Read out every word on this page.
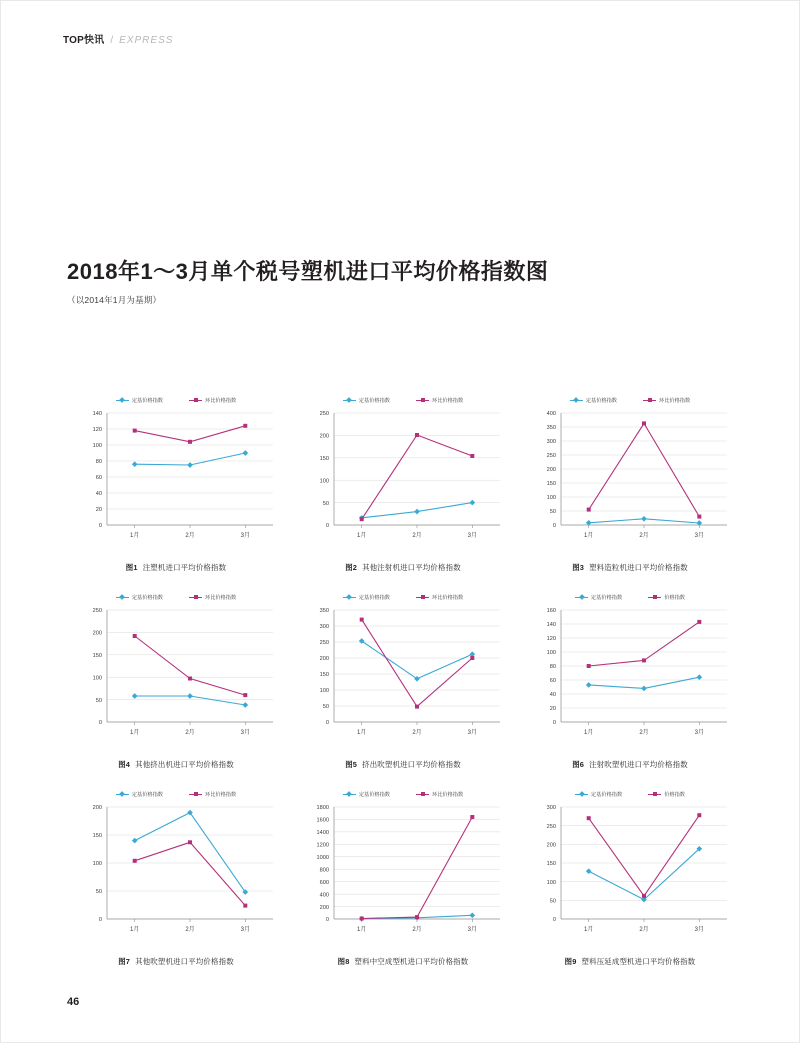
TOP快讯 / EXPRESS
2018年1～3月单个税号塑机进口平均价格指数图
（以2014年1月为基期）
定基价格指数	环比价格指数
0
20
40
60
80
100
120
140
1月	2月	3月
图1 注塑机进口平均价格指数
定基价格指数	环比价格指数
0
50
100
150
200
250
1月	2月	3月
图2 其他注射机进口平均价格指数
定基价格指数	环比价格指数
0
50
100
150
200
250
300
350
400
1月	2月	3月
图3 塑料造粒机进口平均价格指数
定基价格指数	环比价格指数
0
50
100
150
200
250
1月	2月	3月
图4 其他挤出机进口平均价格指数
定基价格指数	环比价格指数
0
50
100
150
200
250
300
350
1月	2月	3月
图5 挤出吹塑机进口平均价格指数
定基价格指数	价格指数
0
20
40
60
80
100
120
140
160
1月	2月	3月
图6 注射吹塑机进口平均价格指数
定基价格指数	环比价格指数
0
50
100
150
200
1月	2月	3月
图7 其他吹塑机进口平均价格指数
定基价格指数	环比价格指数
0
200
400
600
800
1000
1200
1400
1600
1800
1月	2月	3月
图8 塑料中空成型机进口平均价格指数
定基价格指数	价格指数
0
50
100
150
200
250
300
1月	2月	3月
图9 塑料压延成型机进口平均价格指数
46
